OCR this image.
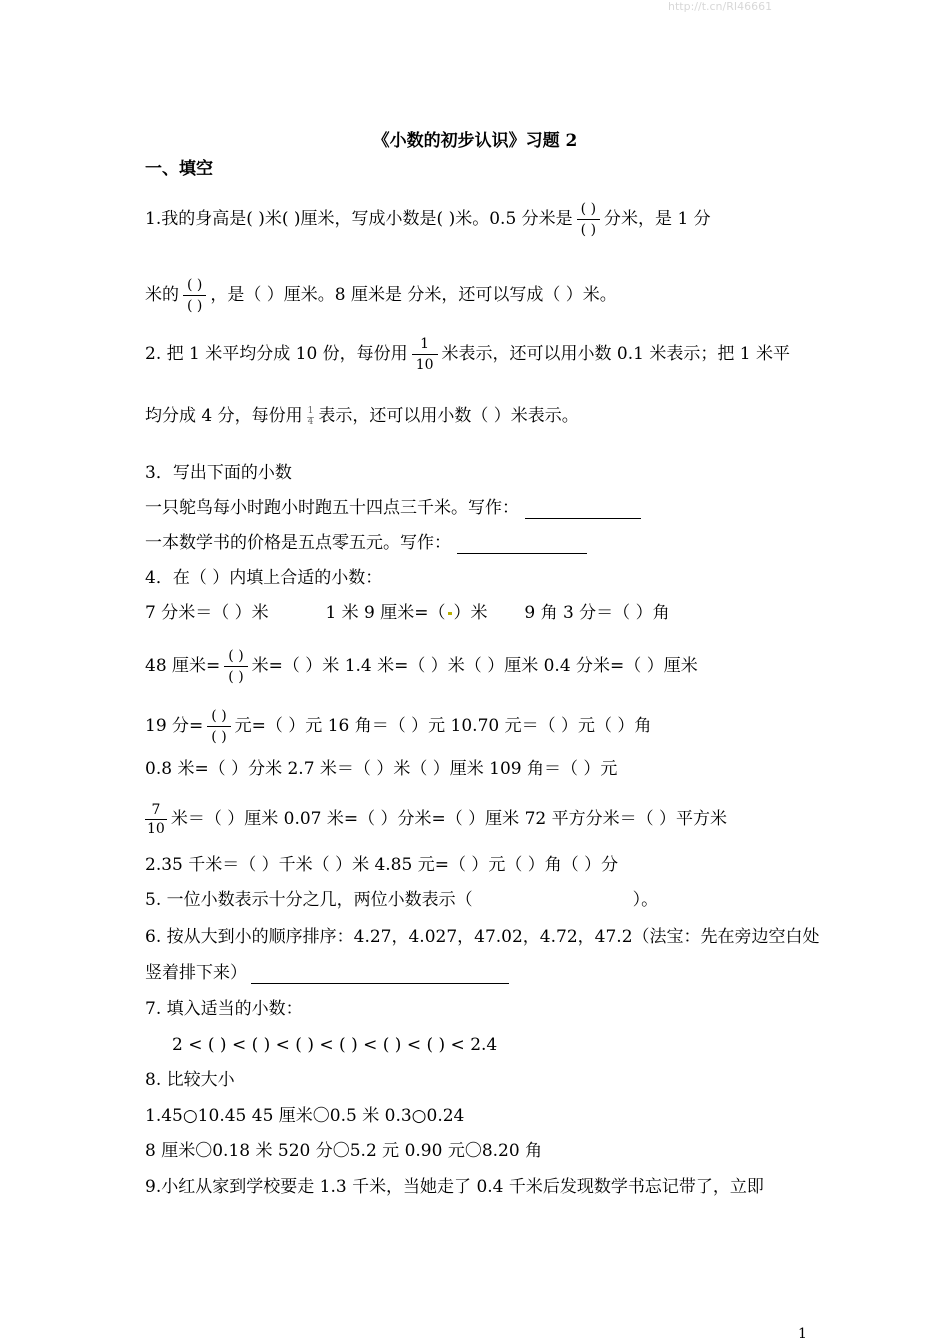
http://t.cn/RI46661
《小数的初步认识》习题 2
一、填空
1.我的身高是( )米( )厘米，写成小数是( )米。0.5 分米是 $\frac{( )}{( )}$ 分米，是 1 分
米的 $\frac{( )}{( )}$ ，是（ ）厘米。8 厘米是 分米，还可以写成（ ）米。
2. 把 1 米平均分成 10 份，每份用 $\frac{1}{10}$ 米表示，还可以用小数 0.1 米表示；把 1 米平
均分成 4 分，每份用 $\frac{1}{4}$ 表示，还可以用小数（ ）米表示。
3．写出下面的小数
一只鸵鸟每小时跑小时跑五十四点三千米。写作：
一本数学书的价格是五点零五元。写作：
4．在（ ）内填上合适的小数：
7 分米＝（ ）米	1 米 9 厘米=（ ）米 9 角 3 分＝（ ）角
48 厘米= $\frac{( )}{( )}$ 米=（ ）米 1.4 米=（ ）米（ ）厘米 0.4 分米=（ ）厘米
19 分= $\frac{( )}{( )}$ 元=（ ）元 16 角＝（ ）元 10.70 元＝（ ）元（ ）角
0.8 米=（ ）分米 2.7 米＝（ ）米（ ）厘米 109 角＝（ ）元
$\frac{7}{10}$ 米＝（ ）厘米 0.07 米=（ ）分米=（ ）厘米 72 平方分米＝（ ）平方米
2.35 千米＝（ ）千米（ ）米 4.85 元=（ ）元（ ）角（ ）分
5. 一位小数表示十分之几，两位小数表示（	）。
6. 按从大到小的顺序排序：4.27，4.027，47.02，4.72，47.2（法宝：先在旁边空白处
竖着排下来）
7. 填入适当的小数：
2 < ( ) < ( ) < ( ) < ( ) < ( ) < ( ) < 2.4
8. 比较大小
1.45○10.45 45 厘米〇0.5 米 0.3○0.24
8 厘米〇0.18 米 520 分〇5.2 元 0.90 元〇8.20 角
9.小红从家到学校要走 1.3 千米，当她走了 0.4 千米后发现数学书忘记带了，立即
1
